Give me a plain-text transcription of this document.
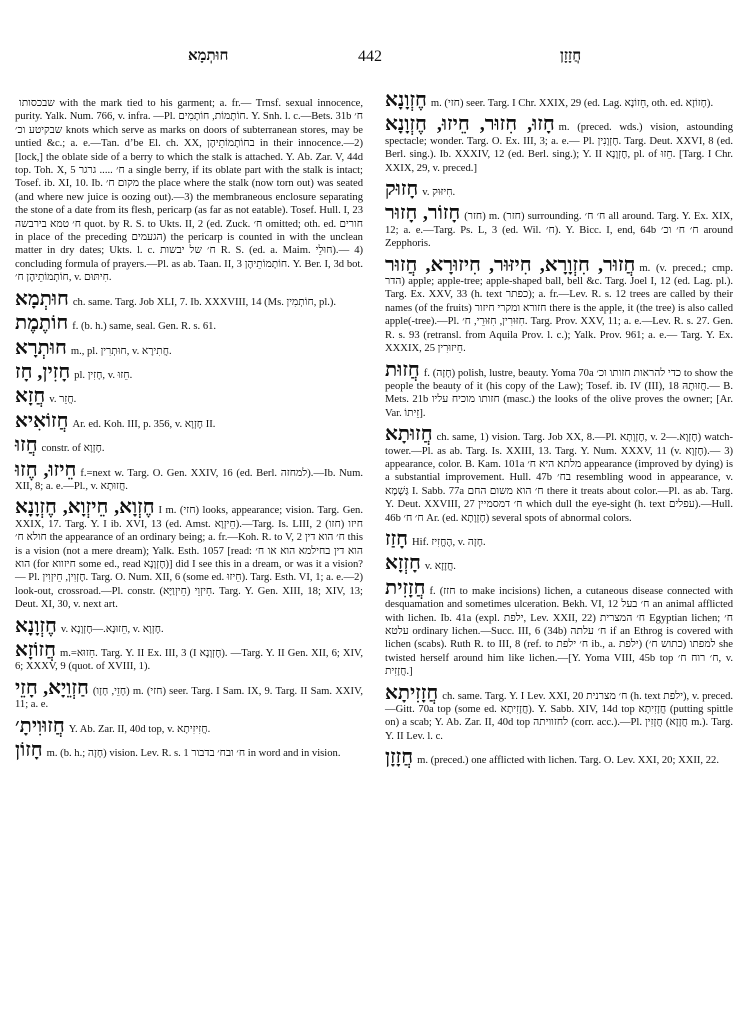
חוּתְמָא	442	חֲזָזָן

שבכסותו with the mark tied to his garment; a. fr.— Trnsf. sexual innocence, purity. Yalk. Num. 766, v. infra. —Pl. חוֹתָמוֹת, חוֹתָמִים. Y. Snh. l. c.—Bets. 31b ח׳ שבקיטע וכ׳ knots which serve as marks on doors of subterranean stores, may be untied &c.; a. e.—Tan. d’be El. ch. XX, בחוֹתָמוֹתֵיהֶן in their innocence.—2) [lock,] the oblate side of a berry to which the stalk is attached. Y. Ab. Zar. V, 44d top. Toh. X, 5 ח׳ ..... גרגר a single berry, if its oblate part with the stalk is intact; Tosef. ib. XI, 10. Ib. מקום ח׳ the place where the stalk (now torn out) was seated (and where new juice is oozing out).—3) the membraneous enclosure separating the stone of a date from its flesh, pericarp (as far as not eatable). Tosef. Hull. I, 23 ח׳ טמא בירבשה quot. by R. S. to Ukts. II, 2 (ed. Zuck. ח׳ omitted; oth. ed. חורים in place of the preceding הגעמים) the pericarp is counted in with the unclean matter in dry dates; Ukts. l. c. ח׳ של יבשות R. S. (ed. a. Maim. חוּלֵי).— 4) concluding formula of prayers.—Pl. as ab. Taan. II, 3 חוֹתָמוֹתֵיהֶן. Y. Ber. I, 3d bot. חוֹתְמוֹתֵיהֶן ח׳, v. חִיתּוּם.

חוּתְמָא ch. same. Targ. Job XLI, 7. Ib. XXXVIII, 14 (Ms. חוֹתְמִין, pl.).

חוֹתֶמֶת f. (b. h.) same, seal. Gen. R. s. 61.

חוּתְרָא m., pl. חוּתְרִין, v. חֲתִירָא.

חָזִין, חָז pl. חָזִין, v. חֵזוּ.

חֲזָא v. חֲזֵר.

חֲזוֹאִיא Ar. ed. Koh. III, p. 356, v. חֶזְוָא II.

חֲזוּ constr. of חֶזְוָא.

חֵיזוּ, חֶזוּ f.=next w. Targ. O. Gen. XXIV, 16 (ed. Berl. למחזה).—Ib. Num. XII, 8; a. e.—Pl., v. חֲזוּתָא.

חֶזְוָא, חֵיזְוָא, חֶזְוָנָא I m. (חזי) looks, appearance; vision. Targ. Gen. XXIX, 17. Targ. Y. I ib. XVI, 13 (ed. Amst. חֵיזְוָא).—Targ. Is. LIII, 2 (חזו) חיזו חולא ח׳ the appearance of an ordinary being; a. fr.—Koh. R. to V, 2 ח׳ הוא דין this is a vision (not a mere dream); Yalk. Esth. 1057 [read: הוא דין בחילמא הוא או ח׳ הוא (for חיזווא some ed., read חֶזְוָנָא)] did I see this in a dream, or was it a vision?— Pl. חֶזְוִין, חֵיזְוִין. Targ. O. Num. XII, 6 (some ed. חֵיזוּ). Targ. Esth. VI, 1; a. e.—2) look-out, crossroad.—Pl. constr. חֵיזְוֵי (חֵיזְוַיָּא). Targ. Y. Gen. XIII, 18; XIV, 13; Deut. XI, 30, v. next art.

חֶזְוָנָא v. חֵזוּנָא.—חֶזְוָנָא, v. חֶזְוָא.

חֲזוֹזָא m.=חֵזוּא. Targ. Y. II Ex. III, 3 (I חֶזְוָנָא). —Targ. Y. II Gen. XII, 6; XIV, 6; XXXV, 9 (quot. of XVIII, 1).

חַזְוֵיָא, חָזֵי (חָזֵי, חָזָו) m. (חזי) seer. Targ. I Sam. IX, 9. Targ. II Sam. XXIV, 11; a. e.

חֲזוּוִיתָ׳ Y. Ab. Zar. II, 40d top, v. חֲזִיזִיתָא.

חָזוֹן m. (b. h.; חָזָה) vision. Lev. R. s. 1 ח׳ ובח׳ בדבור in word and in vision.

חֶזְוָנָא m. (חזי) seer. Targ. I Chr. XXIX, 29 (ed. Lag. חֵזוֹנָא, oth. ed. חָזוֹזָא).

חָזוּ, חִזוּר, חֵיזוּ, חֶזְוָנָא m. (preced. wds.) vision, astounding spectacle; wonder. Targ. O. Ex. III, 3; a. e.— Pl. חֶזְוָנִין. Targ. Deut. XXVI, 8 (ed. Berl. sing.). Ib. XXXIV, 12 (ed. Berl. sing.); Y. II חֶזְוָנָא, pl. of חֵזוּ. [Targ. I Chr. XXIX, 29, v. preced.]

חָזוּק v. חִיזּוּק.

חָזוֹר, חָזוּר (חזר) m. (חזר) surrounding. ח׳ ח׳ all around. Targ. Y. Ex. XIX, 12; a. e.—Targ. Ps. L, 3 (ed. Wil. ח׳). Y. Bicc. I, end, 64b ח׳ ח׳ וכ׳ around Zepphoris.

חֲזוּר, חִזְוָרָא, חִיזּוּר, חִיזוּרָא, חֲזוּר m. (v. preced.; cmp. הדר) apple; apple-tree; apple-shaped ball, bell &c. Targ. Joel I, 12 (ed. Lag. pl.). Targ. Ex. XXV, 33 (h. text כפתר); a. fr.—Lev. R. s. 12 trees are called by their names (of the fruits) חזורא ומקרי חיזור there is the apple, it (the tree) is also called apple(-tree).—Pl. חִזּוּרִין, חִזּוּרֵי, ח׳. Targ. Prov. XXV, 11; a. e.—Lev. R. s. 27. Gen. R. s. 93 (retransl. from Aquila Prov. l. c.); Yalk. Prov. 961; a. e.— Targ. Y. Ex. XXXIX, 25 חֵיזוּרִין.

חֲזוּת f. (חָזָה) polish, lustre, beauty. Yoma 70a כדי להראות חזותו וכ׳ to show the people the beauty of it (his copy of the Law); Tosef. ib. IV (III), 18 חֲזוּתָהּ.— B. Mets. 21b חזותו מוכיח עליו (masc.) the looks of the olive proves the owner; [Ar. Var. זֵיתוֹ].

חֲזוּתָא ch. same, 1) vision. Targ. Job XX, 8.—Pl. חֶזְוָתָא, v. חֶזְוָא.—2) watch-tower.—Pl. as ab. Targ. Is. XXIII, 13. Targ. Y. Num. XXXV, 11 (v. חֶזְוָא).— 3) appearance, color. B. Kam. 101a מלתא היא ח׳ appearance (improved by dying) is a substantial improvement. Hull. 47b בח׳ resembling wood in appearance, v. גַּשְׁמָא I. Sabb. 77a ח׳ הוא משום החם there it treats about color.—Pl. as ab. Targ. Y. Deut. XXVIII, 27 ח׳ דמסמיין which dull the eye-sight (h. text עפלים).—Hull. 46b ח׳ ח׳ Ar. (ed. חֶזְוָתָא) several spots of abnormal colors.

חָזַז Hif. הֶחֱזִיז, v. חָזָה.

חָזְזָא v. חֲזָזָא.

חֲזָזִית f. (חזז to make incisions) lichen, a cutaneous disease connected with desquamation and sometimes ulceration. Bekh. VI, 12 ח׳ בעל an animal afflicted with lichen. Ib. 41a (expl. ילפת, Lev. XXII, 22) ח׳ המצרית Egyptian lichen; ח׳ עלטא ordinary lichen.—Succ. III, 6 (34b) ח׳ עלתה if an Ethrog is covered with lichen (scabs). Ruth R. to III, 8 (ref. to ח׳ ילפת ib., a. ילפת) למפתו (כתוש ח׳) she twisted herself around him like lichen.—[Y. Yoma VIII, 45b top ח׳ רוח ח׳, v. חֲזָזִית.]

חֲזָזִיתָא ch. same. Targ. Y. I Lev. XXI, 20 ח׳ מצרנית (h. text ילפת), v. preced.—Gitt. 70a top (some ed. חֲזָזִיתָא). Y. Sabb. XIV, 14d top חֲזָזִיתָא (putting spittle on) a scab; Y. Ab. Zar. II, 40d top לחזוויתה (corr. acc.).—Pl. חֲזָזִין (חֲזָזָא m.). Targ. Y. II Lev. l. c.

חֲזָזָן m. (preced.) one afflicted with lichen. Targ. O. Lev. XXI, 20; XXII, 22.
